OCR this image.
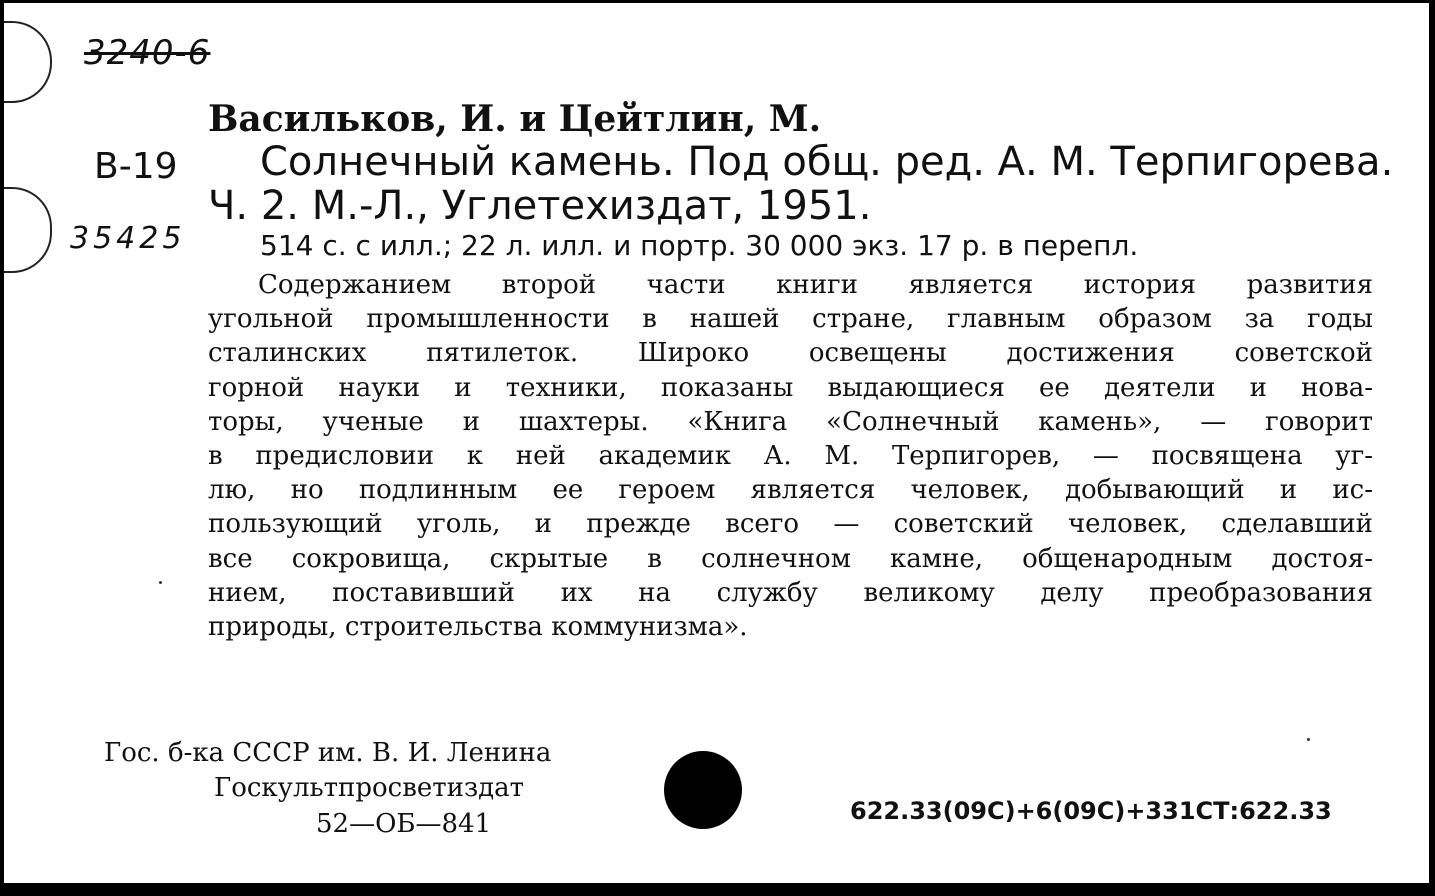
3240-6
35425
Васильков, И. и Цейтлин, М.
В-19 Солнечный камень. Под общ. ред. А. М. Терпигорева.
Ч. 2. М.-Л., Углетехиздат, 1951.
514 с. с илл.; 22 л. илл. и портр. 30 000 экз. 17 р. в перепл.

Содержанием второй части книги является история развития

угольной промышленности в нашей стране, главным образом за годы

сталинских пятилеток. Широко освещены достижения советской

горной науки и техники, показаны выдающиеся ее деятели и нова-

торы, ученые и шахтеры. «Книга «Солнечный камень», — говорит

в предисловии к ней академик А. М. Терпигорев, — посвящена уг-

лю, но подлинным ее героем является человек, добывающий и ис-

пользующий уголь, и прежде всего — советский человек, сделавший

все сокровища, скрытые в солнечном камне, общенародным достоя-

нием, поставивший их на службу великому делу преобразования

природы, строительства коммунизма».

Гос. б-ка СССР им. В. И. Ленина
Госкультпросветиздат
52—ОБ—841	622.33(09С)+6(09С)+331СТ:622.33
